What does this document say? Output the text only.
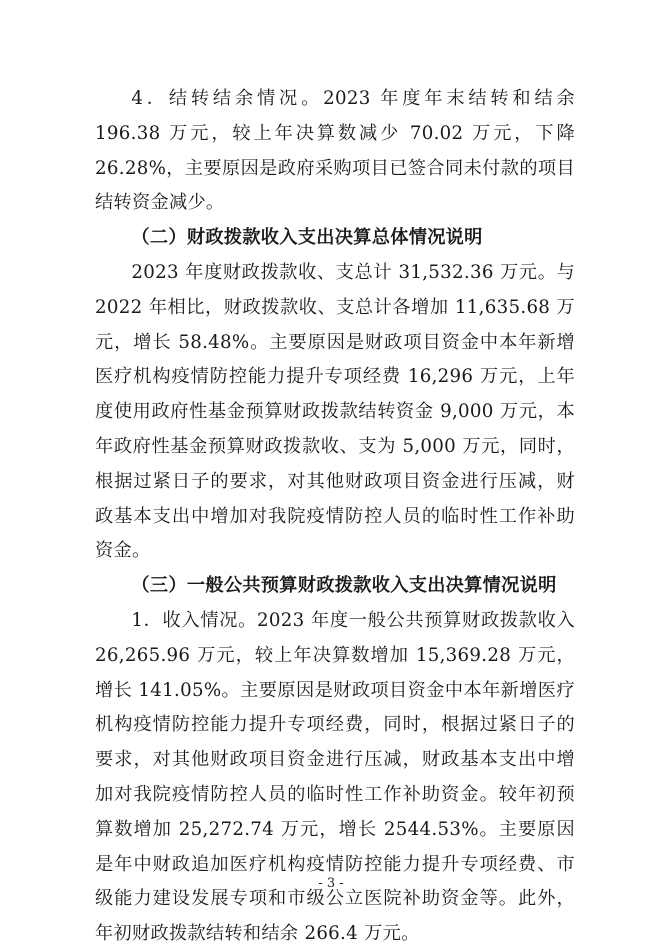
4．结转结余情况。2023 年度年末结转和结余 196.38 万元，较上年决算数减少 70.02 万元，下降 26.28%，主要原因是政府采购项目已签合同未付款的项目结转资金减少。

（二）财政拨款收入支出决算总体情况说明

2023 年度财政拨款收、支总计 31,532.36 万元。与 2022 年相比，财政拨款收、支总计各增加 11,635.68 万元，增长 58.48%。主要原因是财政项目资金中本年新增医疗机构疫情防控能力提升专项经费 16,296 万元，上年度使用政府性基金预算财政拨款结转资金 9,000 万元，本年政府性基金预算财政拨款收、支为 5,000 万元，同时，根据过紧日子的要求，对其他财政项目资金进行压减，财政基本支出中增加对我院疫情防控人员的临时性工作补助资金。

（三）一般公共预算财政拨款收入支出决算情况说明

1．收入情况。2023 年度一般公共预算财政拨款收入 26,265.96 万元，较上年决算数增加 15,369.28 万元，增长 141.05%。主要原因是财政项目资金中本年新增医疗机构疫情防控能力提升专项经费，同时，根据过紧日子的要求，对其他财政项目资金进行压减，财政基本支出中增加对我院疫情防控人员的临时性工作补助资金。较年初预算数增加 25,272.74 万元，增长 2544.53%。主要原因是年中财政追加医疗机构疫情防控能力提升专项经费、市级能力建设发展专项和市级公立医院补助资金等。此外，年初财政拨款结转和结余 266.4 万元。

- 3 -
